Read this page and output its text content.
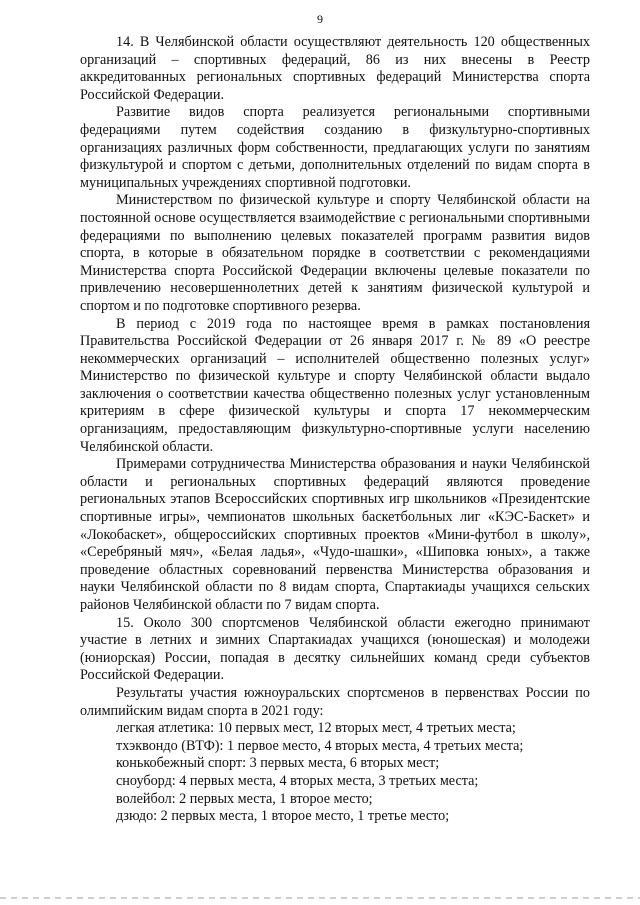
9

14. В Челябинской области осуществляют деятельность 120 общественных организаций – спортивных федераций, 86 из них внесены в Реестр аккредитованных региональных спортивных федераций Министерства спорта Российской Федерации.

Развитие видов спорта реализуется региональными спортивными федерациями путем содействия созданию в физкультурно-спортивных организациях различных форм собственности, предлагающих услуги по занятиям физкультурой и спортом с детьми, дополнительных отделений по видам спорта в муниципальных учреждениях спортивной подготовки.

Министерством по физической культуре и спорту Челябинской области на постоянной основе осуществляется взаимодействие с региональными спортивными федерациями по выполнению целевых показателей программ развития видов спорта, в которые в обязательном порядке в соответствии с рекомендациями Министерства спорта Российской Федерации включены целевые показатели по привлечению несовершеннолетних детей к занятиям физической культурой и спортом и по подготовке спортивного резерва.

В период с 2019 года по настоящее время в рамках постановления Правительства Российской Федерации от 26 января 2017 г. № 89 «О реестре некоммерческих организаций – исполнителей общественно полезных услуг» Министерство по физической культуре и спорту Челябинской области выдало заключения о соответствии качества общественно полезных услуг установленным критериям в сфере физической культуры и спорта 17 некоммерческим организациям, предоставляющим физкультурно-спортивные услуги населению Челябинской области.

Примерами сотрудничества Министерства образования и науки Челябинской области и региональных спортивных федераций являются проведение региональных этапов Всероссийских спортивных игр школьников «Президентские спортивные игры», чемпионатов школьных баскетбольных лиг «КЭС-Баскет» и «Локобаскет», общероссийских спортивных проектов «Мини-футбол в школу», «Серебряный мяч», «Белая ладья», «Чудо-шашки», «Шиповка юных», а также проведение областных соревнований первенства Министерства образования и науки Челябинской области по 8 видам спорта, Спартакиады учащихся сельских районов Челябинской области по 7 видам спорта.

15. Около 300 спортсменов Челябинской области ежегодно принимают участие в летних и зимних Спартакиадах учащихся (юношеская) и молодежи (юниорская) России, попадая в десятку сильнейших команд среди субъектов Российской Федерации.

Результаты участия южноуральских спортсменов в первенствах России по олимпийским видам спорта в 2021 году:

легкая атлетика: 10 первых мест, 12 вторых мест, 4 третьих места;

тхэквондо (ВТФ): 1 первое место, 4 вторых места, 4 третьих места;

конькобежный спорт: 3 первых места, 6 вторых мест;

сноуборд: 4 первых места, 4 вторых места, 3 третьих места;

волейбол: 2 первых места, 1 второе место;

дзюдо: 2 первых места, 1 второе место, 1 третье место;
